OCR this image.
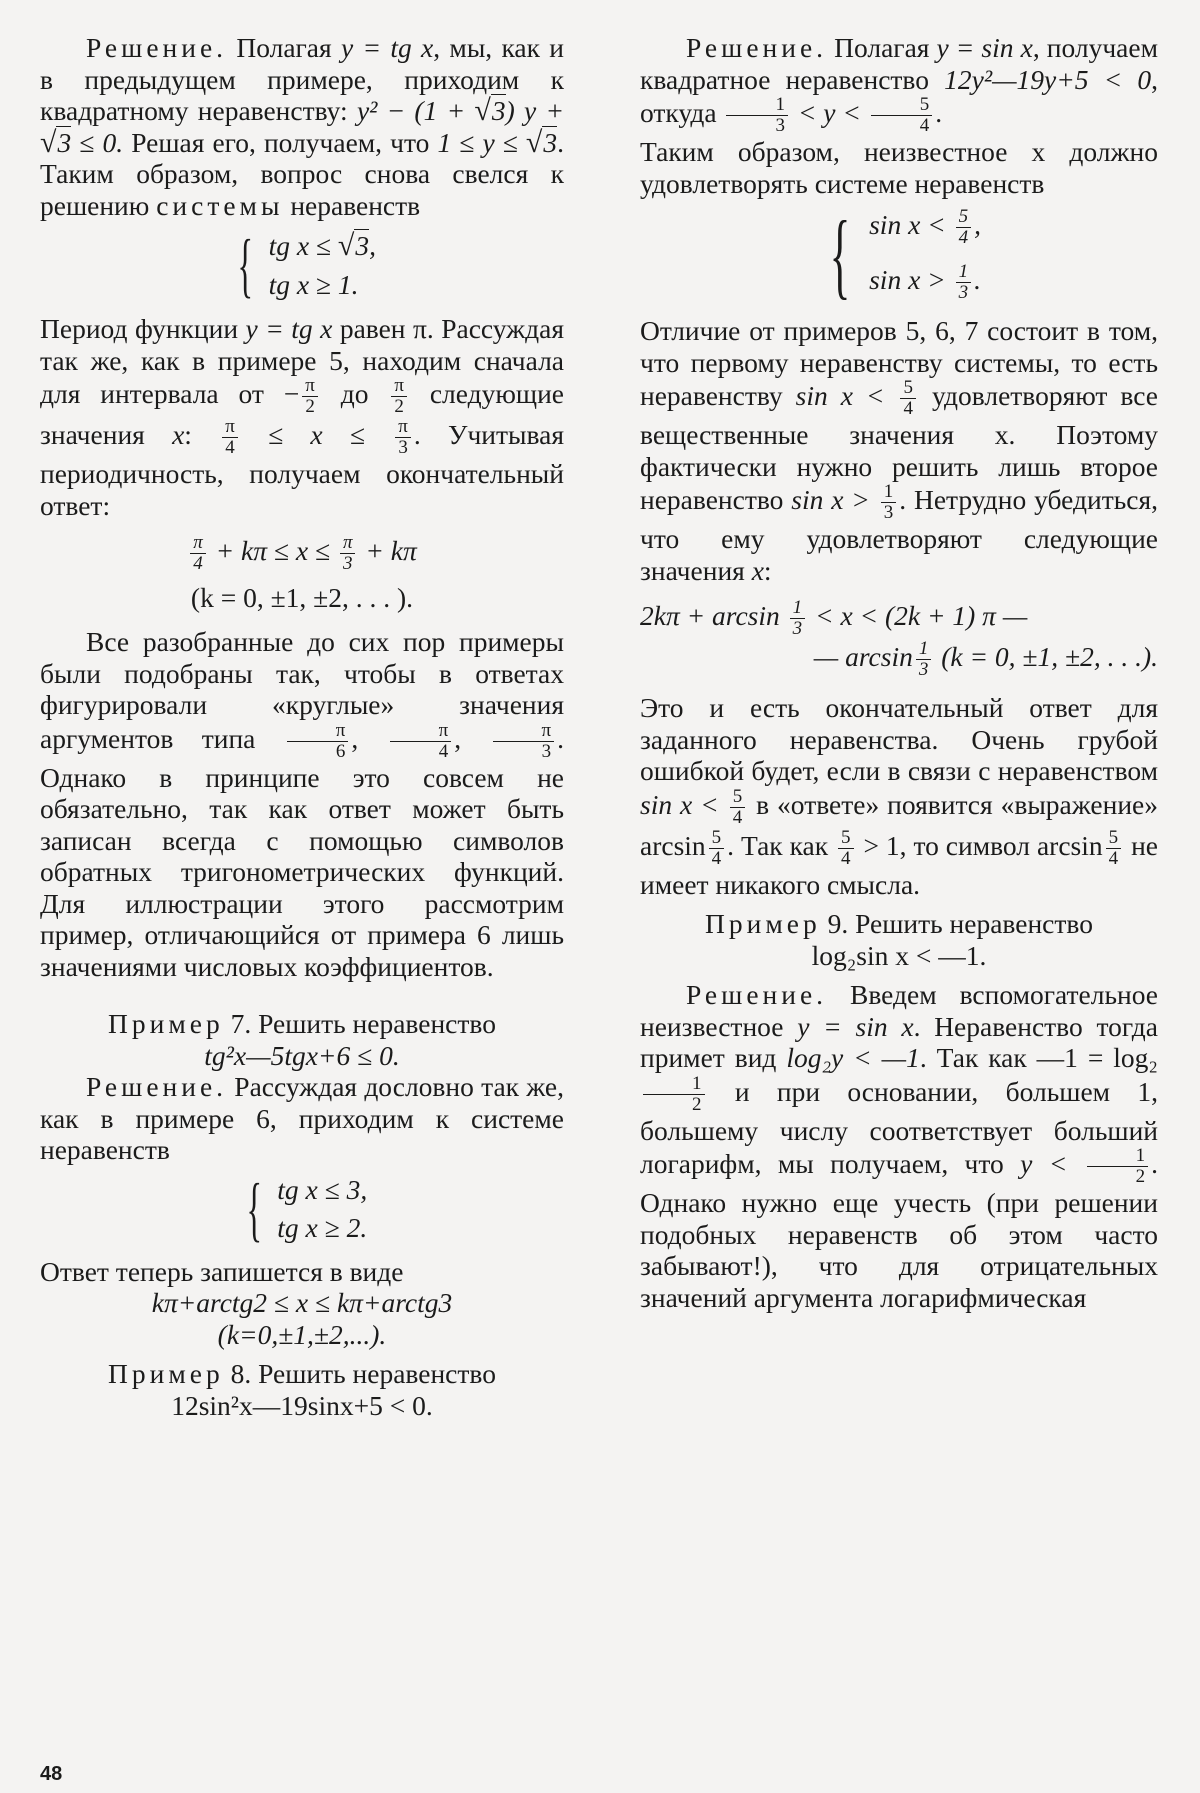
Решение. Полагая y = tg x, мы, как и в предыдущем примере, приходим к квадратному неравенству: y² − (1 + √3) y + √3 ≤ 0. Решая его, получаем, что 1 ≤ y ≤ √3. Таким образом, вопрос снова свелся к решению системы неравенств

{ tg x ≤ √3,
tg x ≥ 1.

Период функции y = tg x равен π. Рассуждая так же, как в примере 5, находим сначала для интервала от − $\frac{\pi}{2}$ до $\frac{\pi}{2}$ следующие значения x: $\frac{\pi}{4} \le x \le \frac{\pi}{3}$ . Учитывая периодичность, получаем окончательный ответ:

$\frac{\pi}{4} + k\pi \le x \le \frac{\pi}{3} + k\pi$
(k = 0, ±1, ±2, . . . ).

Все разобранные до сих пор примеры были подобраны так, чтобы в ответах фигурировали «круглые» значения аргументов типа $\frac{\pi}{6}$ , $\frac{\pi}{4}$ , $\frac{\pi}{3}$ . Однако в принципе это совсем не обязательно, так как ответ может быть записан всегда с помощью символов обратных тригонометрических функций. Для иллюстрации этого рассмотрим пример, отличающийся от примера 6 лишь значениями числовых коэффициентов.

Пример 7. Решить неравенство

tg²x—5tgx+6 ≤ 0.

Решение. Рассуждая дословно так же, как в примере 6, приходим к системе неравенств

{ tg x ≤ 3,
tg x ≥ 2.

Ответ теперь запишется в виде

kπ+arctg2 ≤ x ≤ kπ+arctg3

(k=0,±1,±2,...).

Пример 8. Решить неравенство

12sin²x—19sinx+5 < 0.

Решение. Полагая y = sin x, получаем квадратное неравенство 12y²—19y+5 < 0, откуда $\frac{1}{3} < y < \frac{5}{4}$ .

Таким образом, неизвестное x должно удовлетворять системе неравенств

{ $\sin x < \frac{5}{4}$ ,
$\sin x > \frac{1}{3}$ .

Отличие от примеров 5, 6, 7 состоит в том, что первому неравенству системы, то есть неравенству $\sin x < \frac{5}{4}$ удовлетворяют все вещественные значения x. Поэтому фактически нужно решить лишь второе неравенство $\sin x > \frac{1}{3}$ . Нетрудно убедиться, что ему удовлетворяют следующие значения x:

$2k\pi + \arcsin \frac{1}{3} < x < (2k + 1)$ π —
— $\arcsin \frac{1}{3} (k = 0$, ±1, ±2, . . .).

Это и есть окончательный ответ для заданного неравенства. Очень грубой ошибкой будет, если в связи с неравенством $\sin x < \frac{5}{4}$ в «ответе» появится «выражение» $\arcsin \frac{5}{4}$ . Так как $\frac{5}{4} > 1$, то символ $\arcsin \frac{5}{4}$ не имеет никакого смысла.

Пример 9. Решить неравенство

log₂sin x < —1.

Решение. Введем вспомогательное неизвестное y = sin x. Неравенство тогда примет вид log₂y < —1. Так как —1 = log₂
$\frac{1}{2}$ и при основании, большем 1, большему числу соответствует больший логарифм, мы получаем, что $y < \frac{1}{2}$ . Однако нужно еще учесть (при решении подобных неравенств об этом часто забывают!), что для отрицательных значений аргумента логарифмическая

48
